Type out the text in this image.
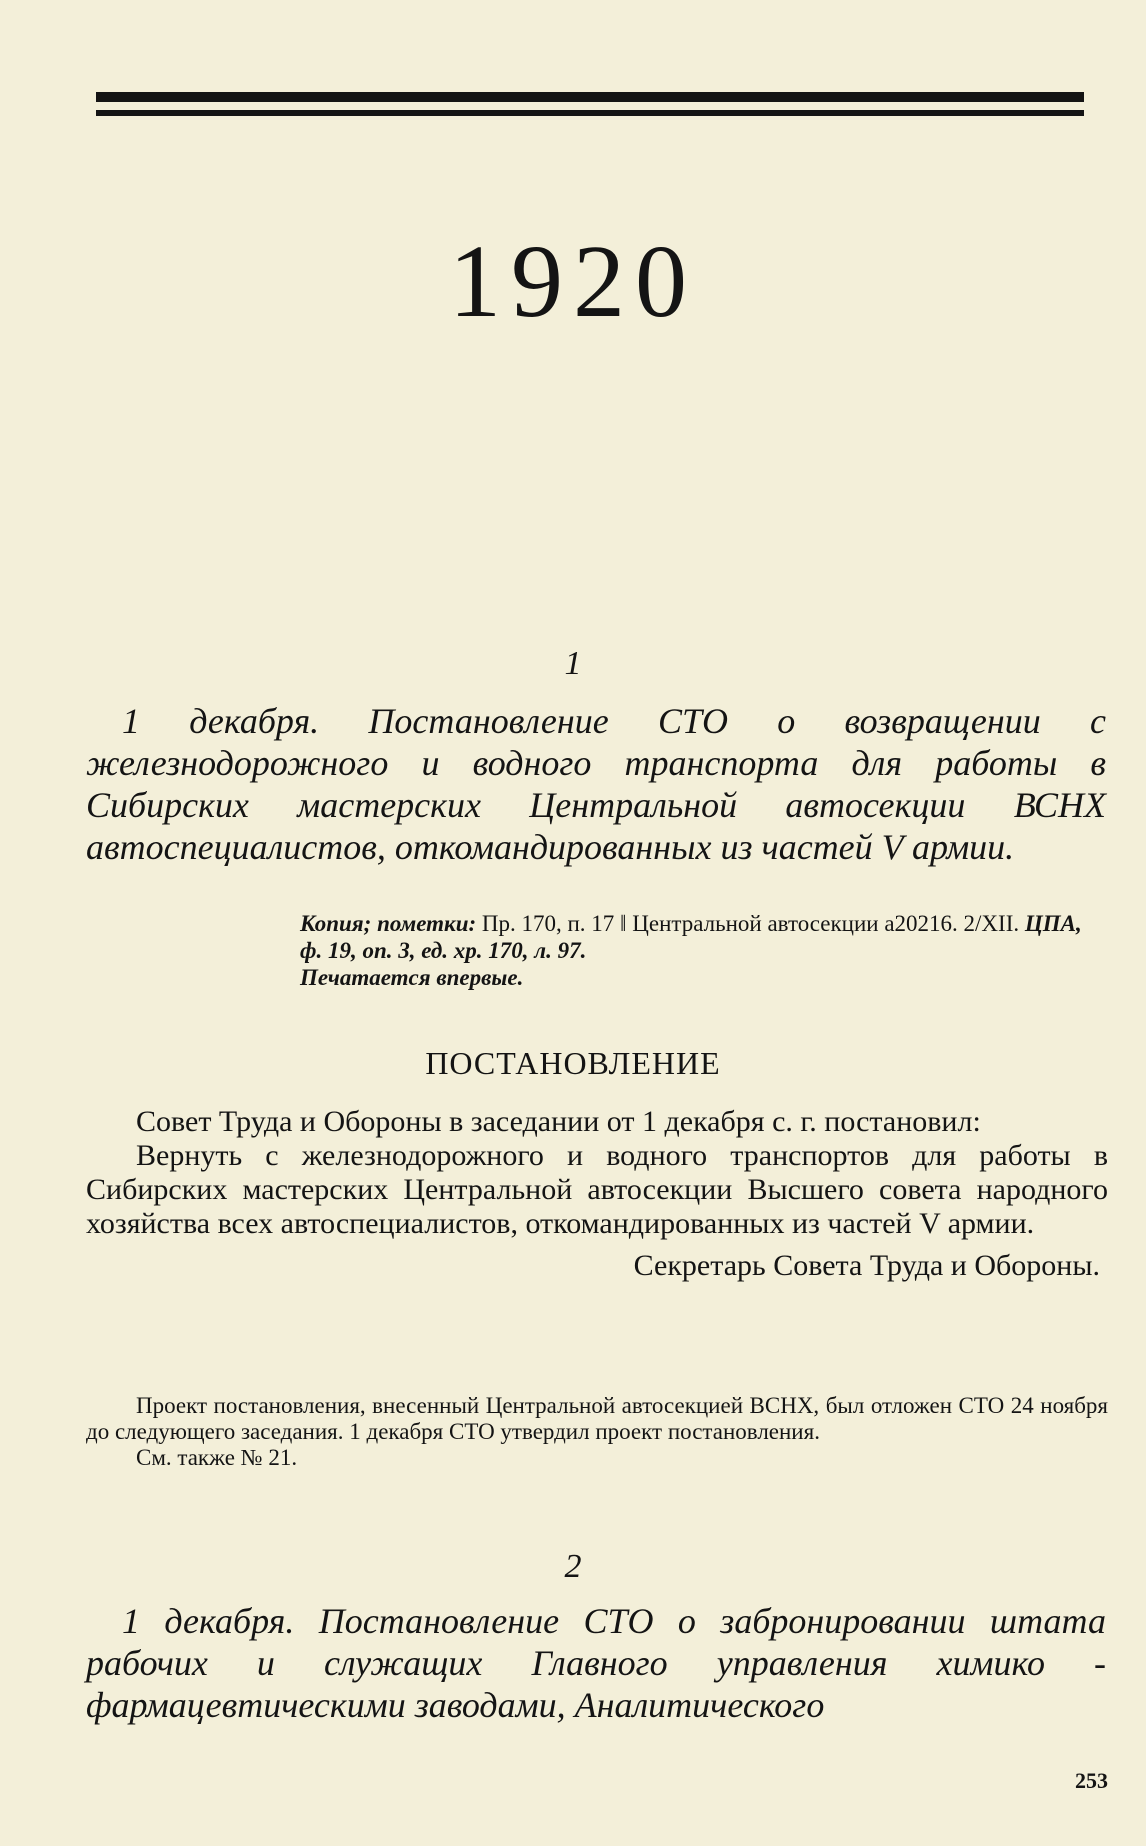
1920
1

1 декабря. Постановление СТО о возвращении с железнодорожного и водного транспорта для работы в Сибирских мастерских Центральной автосекции ВСНХ автоспециалистов, откомандированных из частей V армии.

Копия; пометки: Пр. 170, п. 17 ‖ Центральной автосекции а20216. 2/XII. ЦПА, ф. 19, оп. 3, ед. хр. 170, л. 97.

Печатается впервые.

ПОСТАНОВЛЕНИЕ

Совет Труда и Обороны в заседании от 1 декабря с. г. постановил:

Вернуть с железнодорожного и водного транспортов для работы в Сибирских мастерских Центральной автосекции Высшего совета народного хозяйства всех автоспециалистов, откомандированных из частей V армии.

Секретарь Совета Труда и Обороны.

Проект постановления, внесенный Центральной автосекцией ВСНХ, был отложен СТО 24 ноября до следующего заседания. 1 декабря СТО утвердил проект постановления.

См. также № 21.

2

1 декабря. Постановление СТО о забронировании штата рабочих и служащих Главного управления химико - фармацевтическими заводами, Аналитического

253
